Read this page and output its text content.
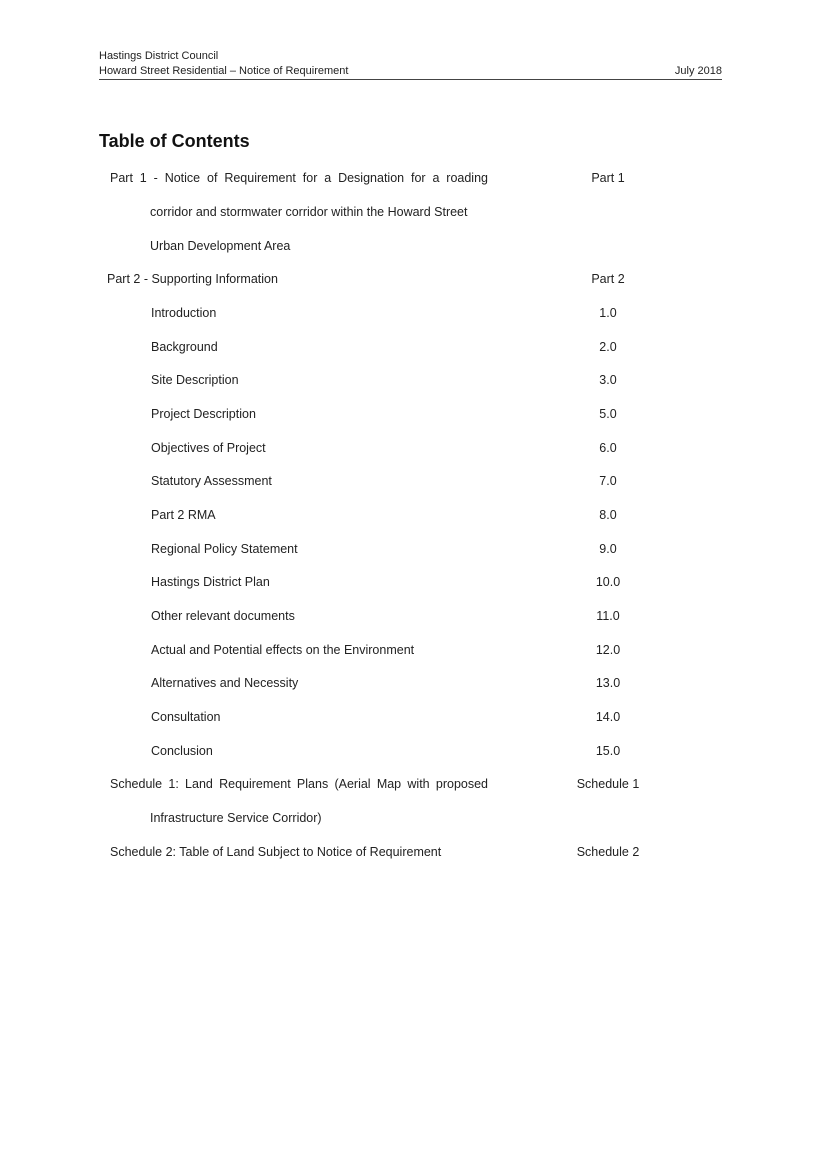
Hastings District Council
Howard Street Residential – Notice of Requirement	July 2018
Table of Contents
Part 1 - Notice of Requirement for a Designation for a roading	Part 1
corridor and stormwater corridor within the Howard Street
Urban Development Area
Part 2 - Supporting Information	Part 2
Introduction	1.0
Background	2.0
Site Description	3.0
Project Description	5.0
Objectives of Project	6.0
Statutory Assessment	7.0
Part 2 RMA	8.0
Regional Policy Statement	9.0
Hastings District Plan	10.0
Other relevant documents	11.0
Actual and Potential effects on the Environment	12.0
Alternatives and Necessity	13.0
Consultation	14.0
Conclusion	15.0
Schedule 1: Land Requirement Plans (Aerial Map with proposed	Schedule 1
Infrastructure Service Corridor)
Schedule 2: Table of Land Subject to Notice of Requirement	Schedule 2
